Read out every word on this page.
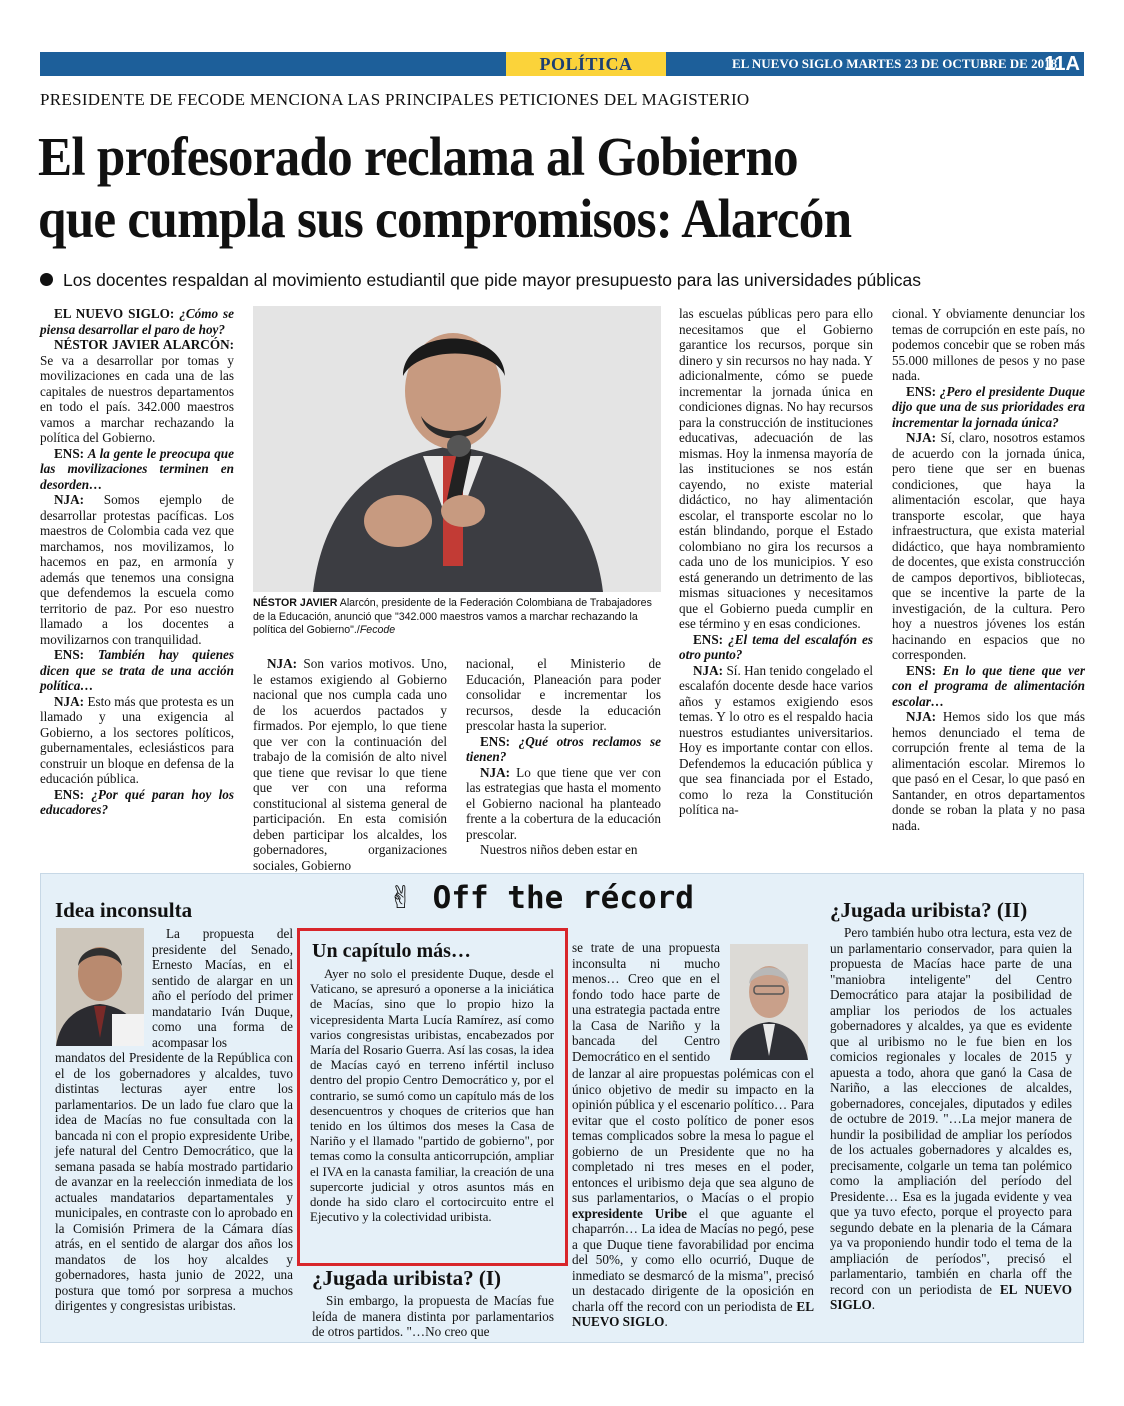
POLÍTICA	EL NUEVO SIGLO MARTES 23 DE OCTUBRE DE 2018
11A
PRESIDENTE DE FECODE MENCIONA LAS PRINCIPALES PETICIONES DEL MAGISTERIO
El profesorado reclama al Gobierno
que cumpla sus compromisos: Alarcón
Los docentes respaldan al movimiento estudiantil que pide mayor presupuesto para las universidades públicas

EL NUEVO SIGLO: ¿Cómo se piensa desarrollar el paro de hoy?

NÉSTOR JAVIER ALARCÓN: Se va a desarrollar por tomas y movilizaciones en cada una de las capitales de nuestros departamentos en todo el país. 342.000 maestros vamos a marchar rechazando la política del Gobierno.

ENS: A la gente le preocupa que las movilizaciones terminen en desorden…

NJA: Somos ejemplo de desarrollar protestas pacíficas. Los maestros de Colombia cada vez que marchamos, nos movilizamos, lo hacemos en paz, en armonía y además que tenemos una consigna que defendemos la escuela como territorio de paz. Por eso nuestro llamado a los docentes a movilizarnos con tranquilidad.

ENS: También hay quienes dicen que se trata de una acción política…

NJA: Esto más que protesta es un llamado y una exigencia al Gobierno, a los sectores políticos, gubernamentales, eclesiásticos para construir un bloque en defensa de la educación pública.

ENS: ¿Por qué paran hoy los educadores?

NJA: Son varios motivos. Uno, le estamos exigiendo al Gobierno nacional que nos cumpla cada uno de los acuerdos pactados y firmados. Por ejemplo, lo que tiene que ver con la continuación del trabajo de la comisión de alto nivel que tiene que revisar lo que tiene que ver con una reforma constitucional al sistema general de participación. En esta comisión deben participar los alcaldes, los gobernadores, organizaciones sociales, Gobierno

nacional, el Ministerio de Educación, Planeación para poder consolidar e incrementar los recursos, desde la educación prescolar hasta la superior.

ENS: ¿Qué otros reclamos se tienen?

NJA: Lo que tiene que ver con las estrategias que hasta el momento el Gobierno nacional ha planteado frente a la cobertura de la educación prescolar.

Nuestros niños deben estar en

las escuelas públicas pero para ello necesitamos que el Gobierno garantice los recursos, porque sin dinero y sin recursos no hay nada. Y adicionalmente, cómo se puede incrementar la jornada única en condiciones dignas. No hay recursos para la construcción de instituciones educativas, adecuación de las mismas. Hoy la inmensa mayoría de las instituciones se nos están cayendo, no existe material didáctico, no hay alimentación escolar, el transporte escolar no lo están blindando, porque el Estado colombiano no gira los recursos a cada uno de los municipios. Y eso está generando un detrimento de las mismas situaciones y necesitamos que el Gobierno pueda cumplir en ese término y en esas condiciones.

ENS: ¿El tema del escalafón es otro punto?

NJA: Sí. Han tenido congelado el escalafón docente desde hace varios años y estamos exigiendo esos temas. Y lo otro es el respaldo hacia nuestros estudiantes universitarios. Hoy es importante contar con ellos. Defendemos la educación pública y que sea financiada por el Estado, como lo reza la Constitución política na-

cional. Y obviamente denunciar los temas de corrupción en este país, no podemos concebir que se roben más 55.000 millones de pesos y no pase nada.

ENS: ¿Pero el presidente Duque dijo que una de sus prioridades era incrementar la jornada única?

NJA: Sí, claro, nosotros estamos de acuerdo con la jornada única, pero tiene que ser en buenas condiciones, que haya la alimentación escolar, que haya transporte escolar, que haya infraestructura, que exista material didáctico, que haya nombramiento de docentes, que exista construcción de campos deportivos, bibliotecas, que se incentive la parte de la investigación, de la cultura. Pero hoy a nuestros jóvenes los están hacinando en espacios que no corresponden.

ENS: En lo que tiene que ver con el programa de alimentación escolar…

NJA: Hemos sido los que más hemos denunciado el tema de corrupción frente al tema de la alimentación escolar. Miremos lo que pasó en el Cesar, lo que pasó en Santander, en otros departamentos donde se roban la plata y no pasa nada.

NÉSTOR JAVIER Alarcón, presidente de la Federación Colombiana de Trabajadores de la Educación, anunció que "342.000 maestros vamos a marchar rechazando la política del Gobierno"./Fecode
✌ Off the récord
Idea inconsulta

La propuesta del presidente del Senado, Ernesto Macías, en el sentido de alargar en un año el período del primer mandatario Iván Duque, como una forma de acompasar los

mandatos del Presidente de la República con el de los gobernadores y alcaldes, tuvo distintas lecturas ayer entre los parlamentarios. De un lado fue claro que la idea de Macías no fue consultada con la bancada ni con el propio expresidente Uribe, jefe natural del Centro Democrático, que la semana pasada se había mostrado partidario de avanzar en la reelección inmediata de los actuales mandatarios departamentales y municipales, en contraste con lo aprobado en la Comisión Primera de la Cámara días atrás, en el sentido de alargar dos años los mandatos de los hoy alcaldes y gobernadores, hasta junio de 2022, una postura que tomó por sorpresa a muchos dirigentes y congresistas uribistas.

Un capítulo más…

Ayer no solo el presidente Duque, desde el Vaticano, se apresuró a oponerse a la iniciática de Macías, sino que lo propio hizo la vicepresidenta Marta Lucía Ramírez, así como varios congresistas uribistas, encabezados por María del Rosario Guerra. Así las cosas, la idea de Macías cayó en terreno infértil incluso dentro del propio Centro Democrático y, por el contrario, se sumó como un capítulo más de los desencuentros y choques de criterios que han tenido en los últimos dos meses la Casa de Nariño y el llamado "partido de gobierno", por temas como la consulta anticorrupción, ampliar el IVA en la canasta familiar, la creación de una supercorte judicial y otros asuntos más en donde ha sido claro el cortocircuito entre el Ejecutivo y la colectividad uribista.

¿Jugada uribista? (I)

Sin embargo, la propuesta de Macías fue leída de manera distinta por parlamentarios de otros partidos. "…No creo que

se trate de una propuesta inconsulta ni mucho menos… Creo que en el fondo todo hace parte de una estrategia pactada entre la Casa de Nariño y la bancada del Centro Democrático en el sentido

de lanzar al aire propuestas polémicas con el único objetivo de medir su impacto en la opinión pública y el escenario político… Para evitar que el costo político de poner esos temas complicados sobre la mesa lo pague el gobierno de un Presidente que no ha completado ni tres meses en el poder, entonces el uribismo deja que sea alguno de sus parlamentarios, o Macías o el propio expresidente Uribe el que aguante el chaparrón… La idea de Macías no pegó, pese a que Duque tiene favorabilidad por encima del 50%, y como ello ocurrió, Duque de inmediato se desmarcó de la misma", precisó un destacado dirigente de la oposición en charla off the record con un periodista de EL NUEVO SIGLO.

¿Jugada uribista? (II)

Pero también hubo otra lectura, esta vez de un parlamentario conservador, para quien la propuesta de Macías hace parte de una "maniobra inteligente" del Centro Democrático para atajar la posibilidad de ampliar los periodos de los actuales gobernadores y alcaldes, ya que es evidente que al uribismo no le fue bien en los comicios regionales y locales de 2015 y apuesta a todo, ahora que ganó la Casa de Nariño, a las elecciones de alcaldes, gobernadores, concejales, diputados y ediles de octubre de 2019. "…La mejor manera de hundir la posibilidad de ampliar los períodos de los actuales gobernadores y alcaldes es, precisamente, colgarle un tema tan polémico como la ampliación del período del Presidente… Esa es la jugada evidente y vea que ya tuvo efecto, porque el proyecto para segundo debate en la plenaria de la Cámara ya va proponiendo hundir todo el tema de la ampliación de períodos", precisó el parlamentario, también en charla off the record con un periodista de EL NUEVO SIGLO.
